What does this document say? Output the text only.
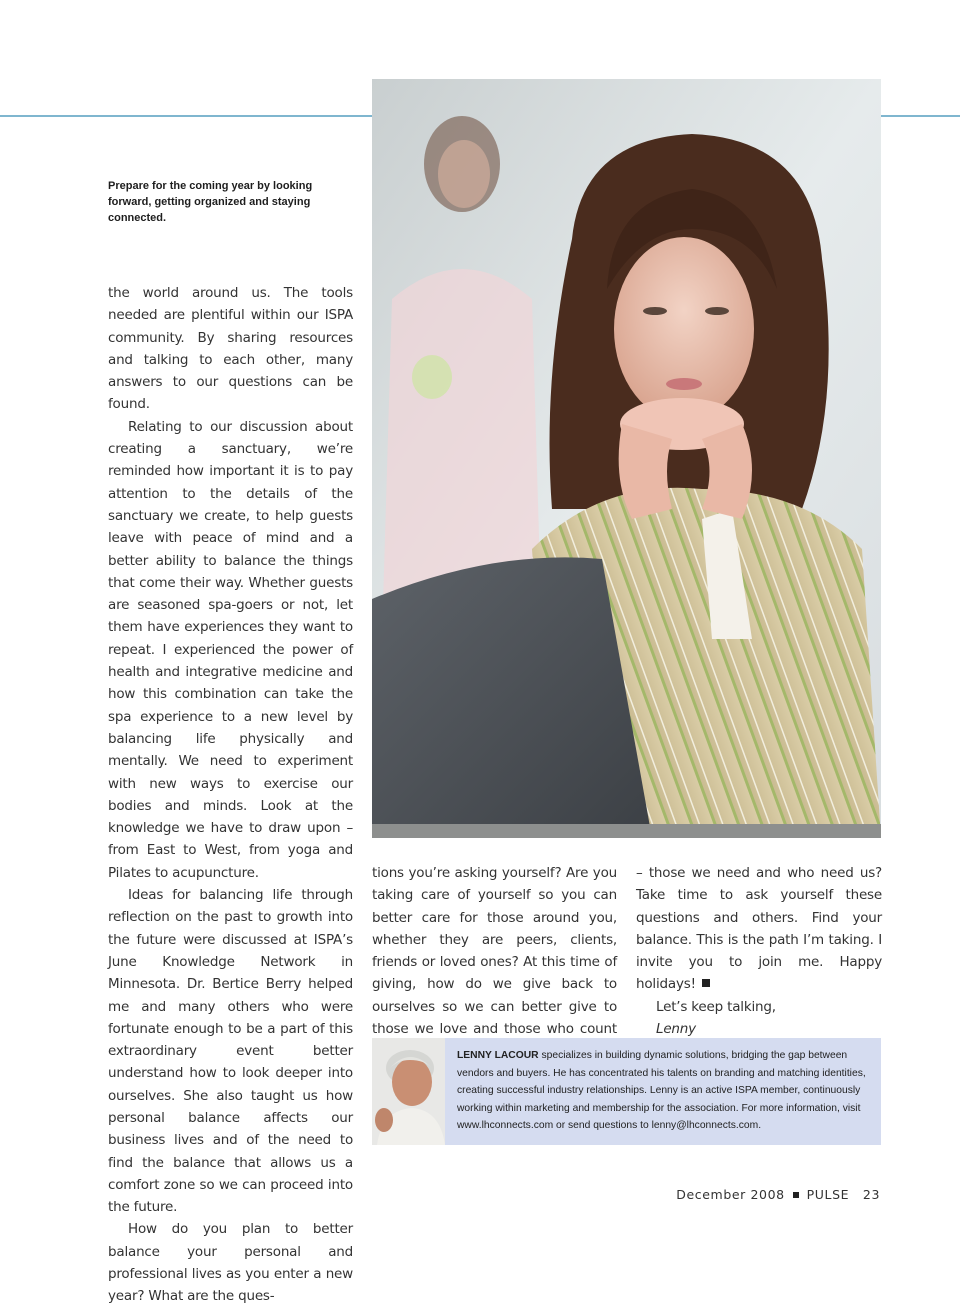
Prepare for the coming year by looking forward, getting organized and staying connected.

the world around us. The tools needed are plentiful within our ISPA community. By sharing resources and talking to each other, many answers to our questions can be found.

Relating to our discussion about creating a sanctuary, we’re reminded how important it is to pay attention to the details of the sanctuary we create, to help guests leave with peace of mind and a better ability to balance the things that come their way. Whether guests are seasoned spa-goers or not, let them have experiences they want to repeat. I experienced the power of health and integrative medicine and how this combination can take the spa experience to a new level by balancing life physically and mentally. We need to experiment with new ways to exercise our bodies and minds. Look at the knowledge we have to draw upon – from East to West, from yoga and Pilates to acupuncture.

Ideas for balancing life through reflection on the past to growth into the future were discussed at ISPA’s June Knowledge Network in Minnesota. Dr. Bertice Berry helped me and many others who were fortunate enough to be a part of this extraordinary event better understand how to look deeper into ourselves. She also taught us how personal balance affects our business lives and of the need to find the balance that allows us a comfort zone so we can proceed into the future.

How do you plan to better balance your personal and professional lives as you enter a new year? What are the ques-

tions you’re asking yourself? Are you taking care of yourself so you can better care for those around you, whether they are peers, clients, friends or loved ones? At this time of giving, how do we give back to ourselves so we can better give to those we love and those who count

– those we need and who need us? Take time to ask yourself these questions and others. Find your balance. This is the path I’m taking. I invite you to join me. Happy holidays!

Let’s keep talking,

Lenny

LENNY LACOUR specializes in building dynamic solutions, bridging the gap between vendors and buyers. He has concentrated his talents on branding and matching identities, creating successful industry relationships. Lenny is an active ISPA member, continuously working within marketing and membership for the association. For more information, visit www.lhconnects.com or send questions to lenny@lhconnects.com.
December 2008 PULSE 23
